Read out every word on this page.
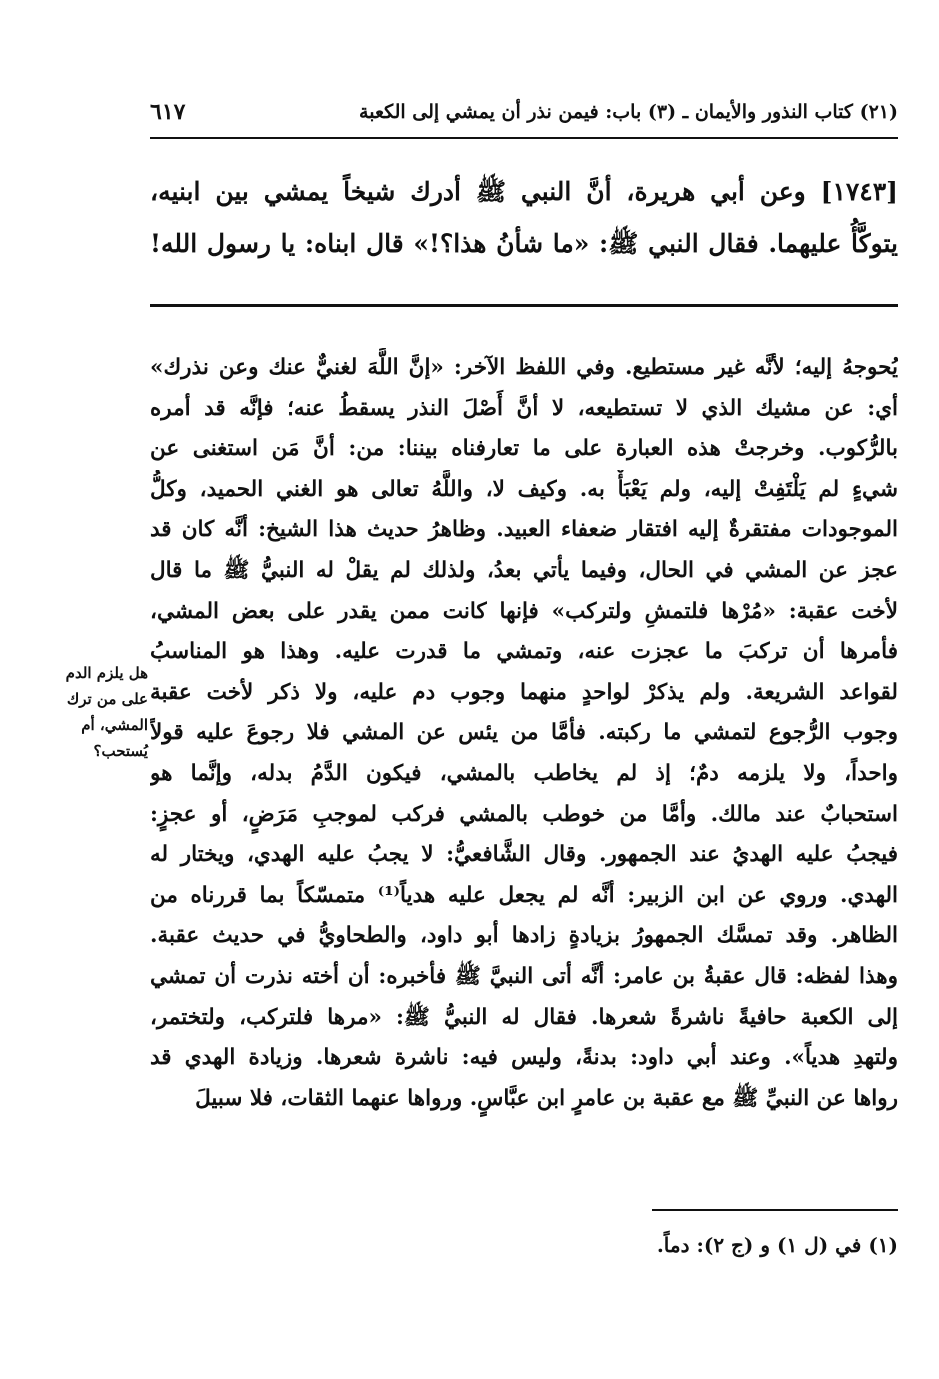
(٢١) كتاب النذور والأيمان ـ (٣) باب: فيمن نذر أن يمشي إلى الكعبة
٦١٧
[١٧٤٣] وعن أبي هريرة، أنَّ النبي ﷺ أدرك شيخاً يمشي بين ابنيه،
يتوكَّأُ عليهما. فقال النبي ﷺ: «ما شأنُ هذا؟!» قال ابناه: يا رسول الله!
يُحوجهُ إليه؛ لأنَّه غير مستطيع. وفي اللفظ الآخر: «إنَّ اللَّهَ لغنيٌّ عنك وعن نذرك»
أي: عن مشيك الذي لا تستطيعه، لا أنَّ أَصْلَ النذر يسقطُ عنه؛ فإنَّه قد أمره
بالرُّكوب. وخرجتْ هذه العبارة على ما تعارفناه بيننا: من: أنَّ مَن استغنى عن
شيءٍ لم يَلْتَفِتْ إليه، ولم يَعْبَأْ به. وكيف لا، واللَّهُ تعالى هو الغني الحميد، وكلُّ
الموجودات مفتقرةٌ إليه افتقار ضعفاء العبيد. وظاهرُ حديث هذا الشيخ: أنَّه كان قد
عجز عن المشي في الحال، وفيما يأتي بعدُ، ولذلك لم يقلْ له النبيُّ ﷺ ما قال
لأخت عقبة: «مُرْها فلتمشِ ولتركب» فإنها كانت ممن يقدر على بعض المشي،
فأمرها أن تركبَ ما عجزت عنه، وتمشي ما قدرت عليه. وهذا هو المناسبُ
لقواعد الشريعة. ولم يذكرْ لواحدٍ منهما وجوب دم عليه، ولا ذكر لأخت عقبة
وجوب الرُّجوع لتمشي ما ركبته. فأمَّا من يئس عن المشي فلا رجوعَ عليه قولاً
واحداً، ولا يلزمه دمٌ؛ إذ لم يخاطب بالمشي، فيكون الدَّمُ بدله، وإنَّما هو
استحبابٌ عند مالك. وأمَّا من خوطب بالمشي فركب لموجبِ مَرَضٍ، أو عجزٍ:
فيجبُ عليه الهديُ عند الجمهور. وقال الشَّافعيُّ: لا يجبُ عليه الهدي، ويختار له
الهدي. وروي عن ابن الزبير: أنَّه لم يجعل عليه هدياً⁽¹⁾ متمسّكاً بما قررناه من
الظاهر. وقد تمسَّك الجمهورُ بزيادةٍ زادها أبو داود، والطحاويُّ في حديث عقبة.
وهذا لفظه: قال عقبةُ بن عامر: أنَّه أتى النبيَّ ﷺ فأخبره: أن أخته نذرت أن تمشي
إلى الكعبة حافيةً ناشرةً شعرها. فقال له النبيُّ ﷺ: «مرها فلتركب، ولتختمر،
ولتهدِ هدياً». وعند أبي داود: بدنةً، وليس فيه: ناشرة شعرها. وزيادة الهدي قد
رواها عن النبيِّ ﷺ مع عقبة بن عامرٍ ابن عبَّاسٍ. ورواها عنهما الثقات، فلا سبيلَ
هل يلزم الدم
على من ترك
المشي، أم
يُستحب؟
(١) في (ل ١) و (ج ٢): دماً.
